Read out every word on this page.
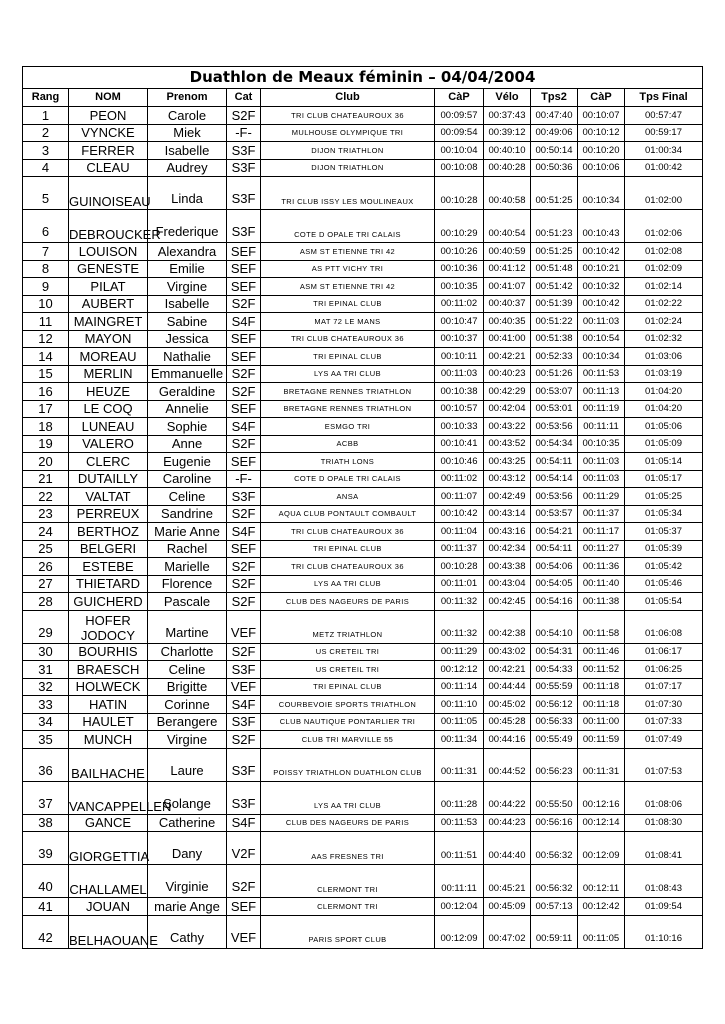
Duathlon de Meaux féminin – 04/04/2004									
Rang	NOM	Prenom	Cat	Club	CàP	Vélo	Tps2	CàP	Tps Final
1	PEON	Carole	S2F	TRI CLUB CHATEAUROUX 36	00:09:57	00:37:43	00:47:40	00:10:07	00:57:47
2	VYNCKE	Miek	-F-	MULHOUSE OLYMPIQUE TRI	00:09:54	00:39:12	00:49:06	00:10:12	00:59:17
3	FERRER	Isabelle	S3F	DIJON TRIATHLON	00:10:04	00:40:10	00:50:14	00:10:20	01:00:34
4	CLEAU	Audrey	S3F	DIJON TRIATHLON	00:10:08	00:40:28	00:50:36	00:10:06	01:00:42
5	GUINOISEAU	Linda	S3F	TRI CLUB ISSY LES MOULINEAUX	00:10:28	00:40:58	00:51:25	00:10:34	01:02:00
6	DEBROUCKER	Frederique	S3F	COTE D OPALE TRI CALAIS	00:10:29	00:40:54	00:51:23	00:10:43	01:02:06
7	LOUISON	Alexandra	SEF	ASM ST ETIENNE TRI 42	00:10:26	00:40:59	00:51:25	00:10:42	01:02:08
8	GENESTE	Emilie	SEF	AS PTT VICHY TRI	00:10:36	00:41:12	00:51:48	00:10:21	01:02:09
9	PILAT	Virgine	SEF	ASM ST ETIENNE TRI 42	00:10:35	00:41:07	00:51:42	00:10:32	01:02:14
10	AUBERT	Isabelle	S2F	TRI EPINAL CLUB	00:11:02	00:40:37	00:51:39	00:10:42	01:02:22
11	MAINGRET	Sabine	S4F	MAT 72 LE MANS	00:10:47	00:40:35	00:51:22	00:11:03	01:02:24
12	MAYON	Jessica	SEF	TRI CLUB CHATEAUROUX 36	00:10:37	00:41:00	00:51:38	00:10:54	01:02:32
14	MOREAU	Nathalie	SEF	TRI EPINAL CLUB	00:10:11	00:42:21	00:52:33	00:10:34	01:03:06
15	MERLIN	Emmanuelle	S2F	LYS AA TRI CLUB	00:11:03	00:40:23	00:51:26	00:11:53	01:03:19
16	HEUZE	Geraldine	S2F	BRETAGNE RENNES TRIATHLON	00:10:38	00:42:29	00:53:07	00:11:13	01:04:20
17	LE COQ	Annelie	SEF	BRETAGNE RENNES TRIATHLON	00:10:57	00:42:04	00:53:01	00:11:19	01:04:20
18	LUNEAU	Sophie	S4F	ESMGO TRI	00:10:33	00:43:22	00:53:56	00:11:11	01:05:06
19	VALERO	Anne	S2F	ACBB	00:10:41	00:43:52	00:54:34	00:10:35	01:05:09
20	CLERC	Eugenie	SEF	TRIATH LONS	00:10:46	00:43:25	00:54:11	00:11:03	01:05:14
21	DUTAILLY	Caroline	-F-	COTE D OPALE TRI CALAIS	00:11:02	00:43:12	00:54:14	00:11:03	01:05:17
22	VALTAT	Celine	S3F	ANSA	00:11:07	00:42:49	00:53:56	00:11:29	01:05:25
23	PERREUX	Sandrine	S2F	AQUA CLUB PONTAULT COMBAULT	00:10:42	00:43:14	00:53:57	00:11:37	01:05:34
24	BERTHOZ	Marie Anne	S4F	TRI CLUB CHATEAUROUX 36	00:11:04	00:43:16	00:54:21	00:11:17	01:05:37
25	BELGERI	Rachel	SEF	TRI EPINAL CLUB	00:11:37	00:42:34	00:54:11	00:11:27	01:05:39
26	ESTEBE	Marielle	S2F	TRI CLUB CHATEAUROUX 36	00:10:28	00:43:38	00:54:06	00:11:36	01:05:42
27	THIETARD	Florence	S2F	LYS AA TRI CLUB	00:11:01	00:43:04	00:54:05	00:11:40	01:05:46
28	GUICHERD	Pascale	S2F	CLUB DES NAGEURS DE PARIS	00:11:32	00:42:45	00:54:16	00:11:38	01:05:54
29	HOFER JODOCY	Martine	VEF	METZ TRIATHLON	00:11:32	00:42:38	00:54:10	00:11:58	01:06:08
30	BOURHIS	Charlotte	S2F	US CRETEIL TRI	00:11:29	00:43:02	00:54:31	00:11:46	01:06:17
31	BRAESCH	Celine	S3F	US CRETEIL TRI	00:12:12	00:42:21	00:54:33	00:11:52	01:06:25
32	HOLWECK	Brigitte	VEF	TRI EPINAL CLUB	00:11:14	00:44:44	00:55:59	00:11:18	01:07:17
33	HATIN	Corinne	S4F	COURBEVOIE SPORTS TRIATHLON	00:11:10	00:45:02	00:56:12	00:11:18	01:07:30
34	HAULET	Berangere	S3F	CLUB NAUTIQUE PONTARLIER TRI	00:11:05	00:45:28	00:56:33	00:11:00	01:07:33
35	MUNCH	Virgine	S2F	CLUB TRI MARVILLE 55	00:11:34	00:44:16	00:55:49	00:11:59	01:07:49
36	BAILHACHE	Laure	S3F	POISSY TRIATHLON DUATHLON CLUB	00:11:31	00:44:52	00:56:23	00:11:31	01:07:53
37	VANCAPPELLEN	Solange	S3F	LYS AA TRI CLUB	00:11:28	00:44:22	00:55:50	00:12:16	01:08:06
38	GANCE	Catherine	S4F	CLUB DES NAGEURS DE PARIS	00:11:53	00:44:23	00:56:16	00:12:14	01:08:30
39	GIORGETTIA	Dany	V2F	AAS FRESNES TRI	00:11:51	00:44:40	00:56:32	00:12:09	01:08:41
40	CHALLAMEL	Virginie	S2F	CLERMONT TRI	00:11:11	00:45:21	00:56:32	00:12:11	01:08:43
41	JOUAN	marie Ange	SEF	CLERMONT TRI	00:12:04	00:45:09	00:57:13	00:12:42	01:09:54
42	BELHAOUANE	Cathy	VEF	PARIS SPORT CLUB	00:12:09	00:47:02	00:59:11	00:11:05	01:10:16
